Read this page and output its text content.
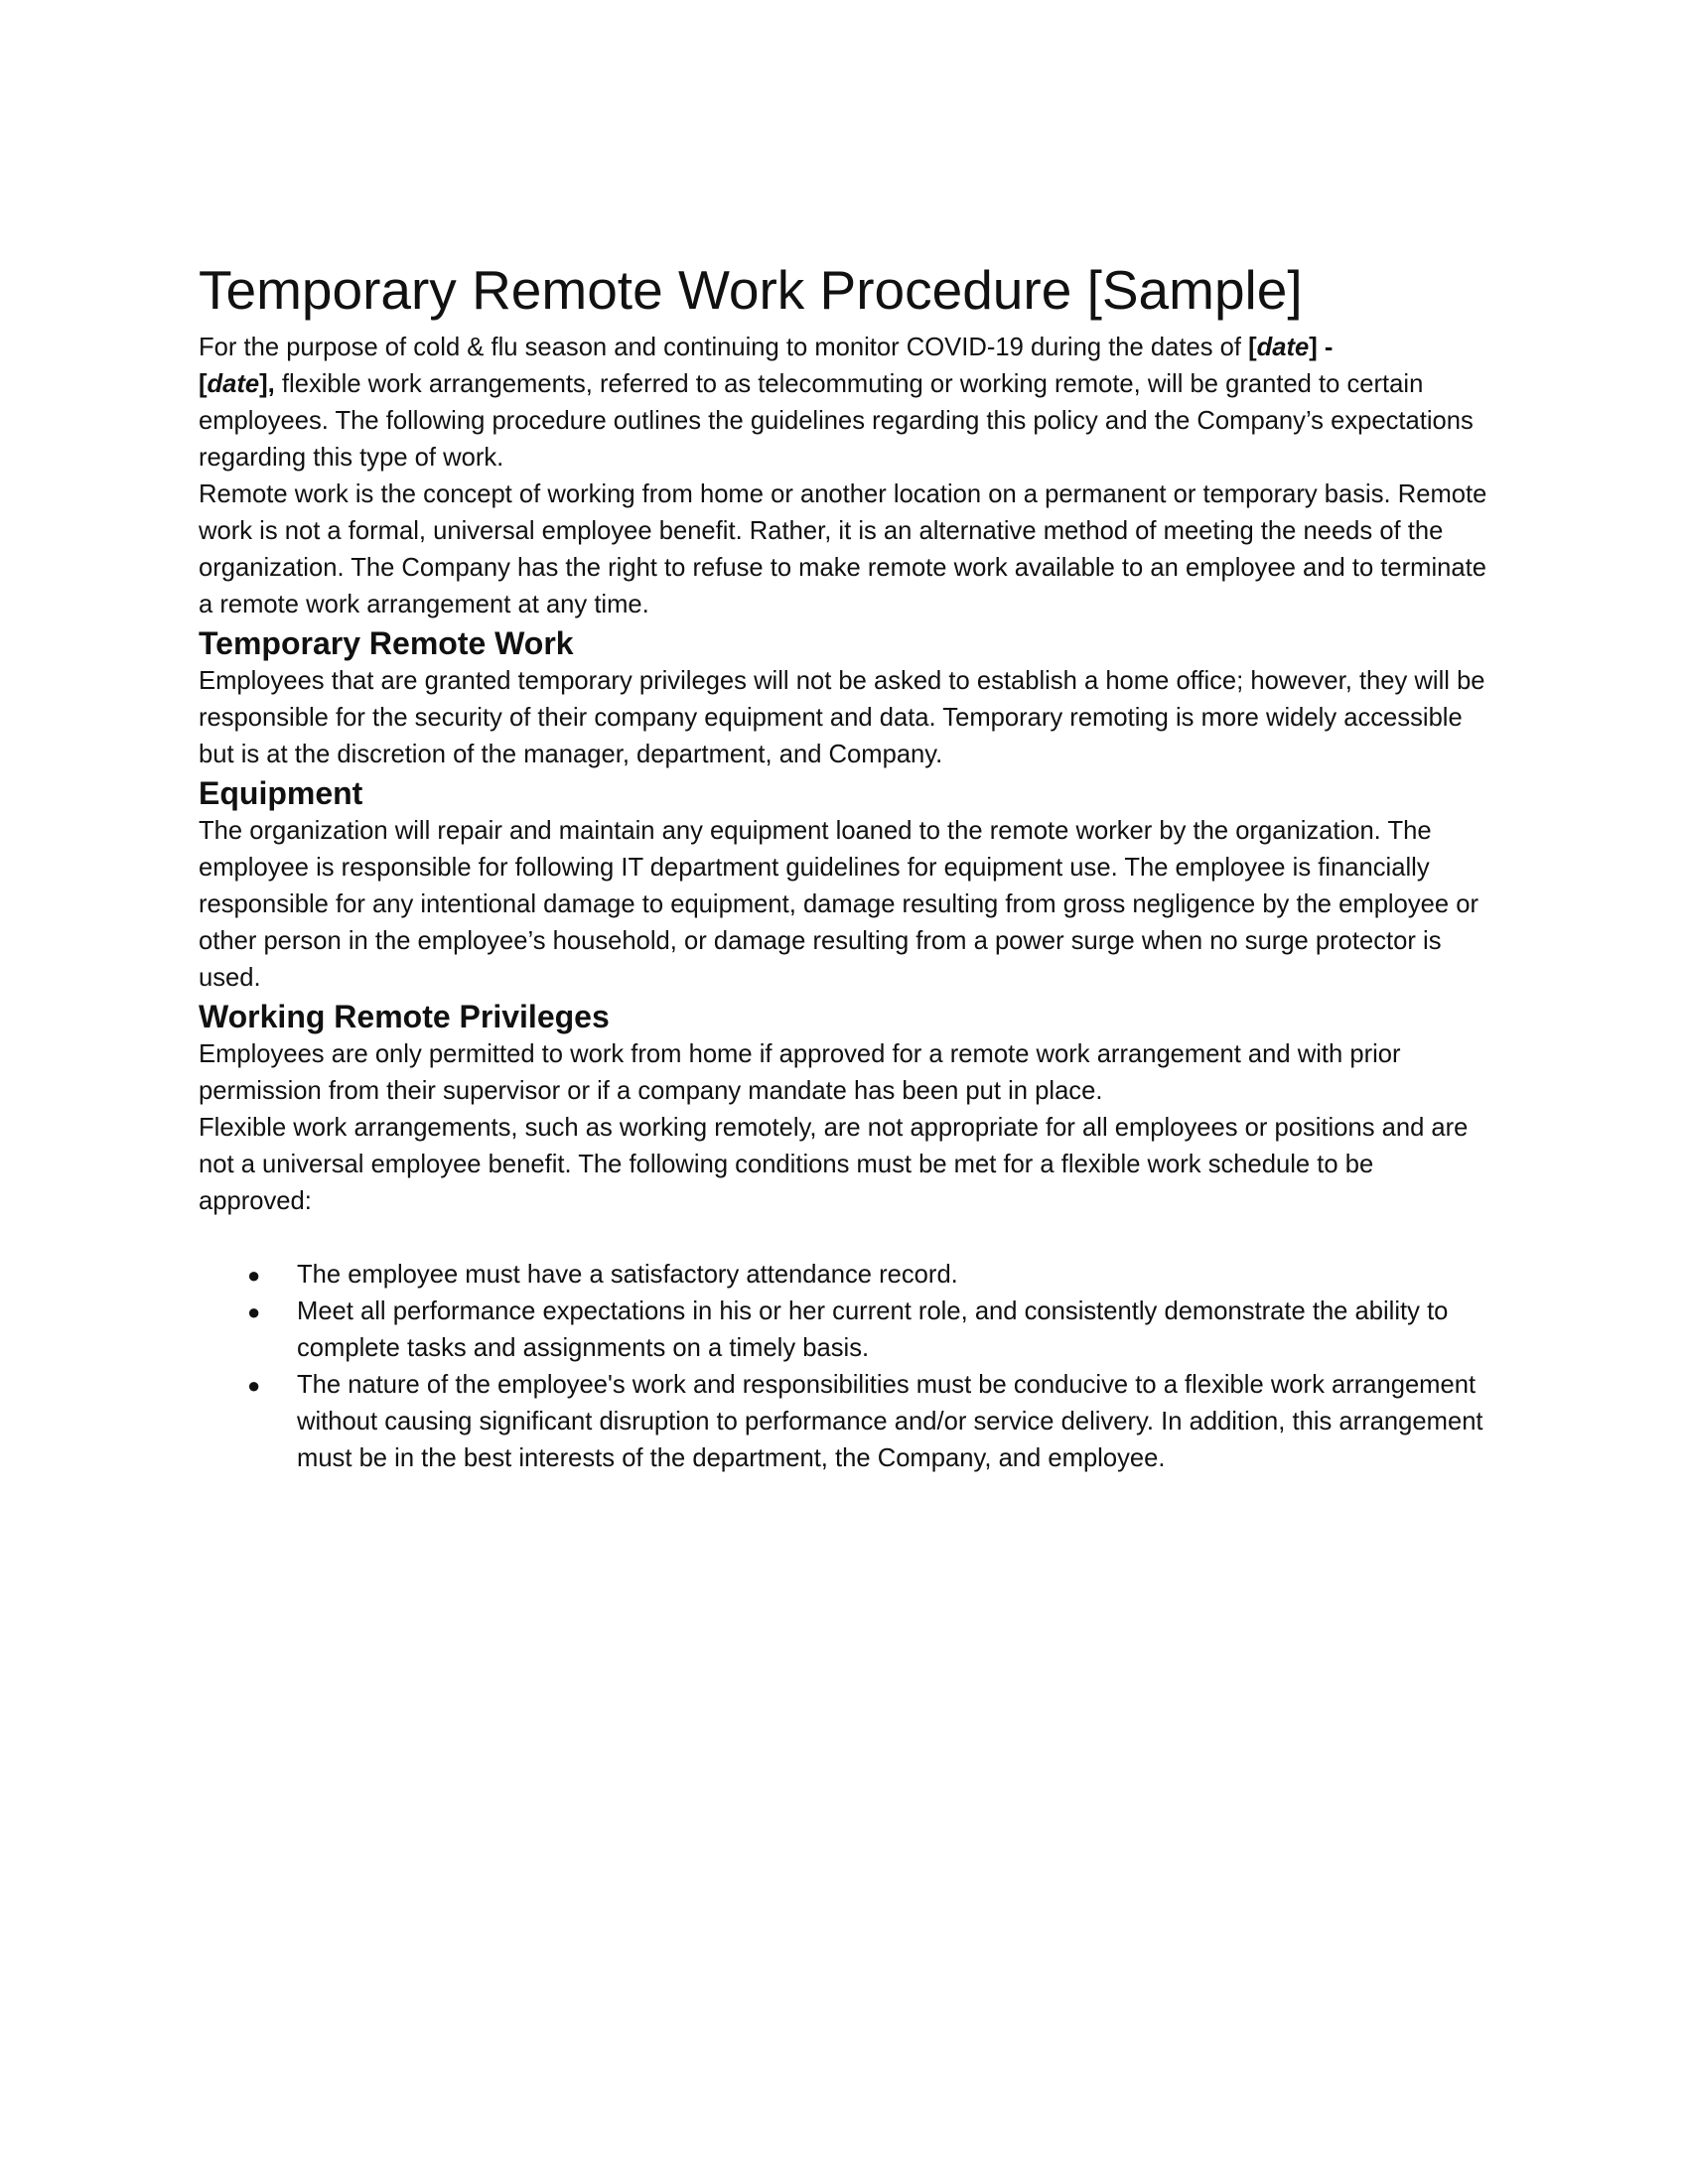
Temporary Remote Work Procedure [Sample]

For the purpose of cold & flu season and continuing to monitor COVID-19 during the dates of [date] -
[date], flexible work arrangements, referred to as telecommuting or working remote, will be granted to certain employees. The following procedure outlines the guidelines regarding this policy and the Company’s expectations regarding this type of work.

Remote work is the concept of working from home or another location on a permanent or temporary basis. Remote work is not a formal, universal employee benefit. Rather, it is an alternative method of meeting the needs of the organization. The Company has the right to refuse to make remote work available to an employee and to terminate a remote work arrangement at any time.

Temporary Remote Work

Employees that are granted temporary privileges will not be asked to establish a home office; however, they will be responsible for the security of their company equipment and data. Temporary remoting is more widely accessible but is at the discretion of the manager, department, and Company.

Equipment

The organization will repair and maintain any equipment loaned to the remote worker by the organization. The employee is responsible for following IT department guidelines for equipment use. The employee is financially responsible for any intentional damage to equipment, damage resulting from gross negligence by the employee or other person in the employee’s household, or damage resulting from a power surge when no surge protector is used.

Working Remote Privileges

Employees are only permitted to work from home if approved for a remote work arrangement and with prior permission from their supervisor or if a company mandate has been put in place.

Flexible work arrangements, such as working remotely, are not appropriate for all employees or positions and are not a universal employee benefit. The following conditions must be met for a flexible work schedule to be approved:

● The employee must have a satisfactory attendance record.
● Meet all performance expectations in his or her current role, and consistently demonstrate the ability to complete tasks and assignments on a timely basis.
● The nature of the employee's work and responsibilities must be conducive to a flexible work arrangement without causing significant disruption to performance and/or service delivery. In addition, this arrangement must be in the best interests of the department, the Company, and employee.
